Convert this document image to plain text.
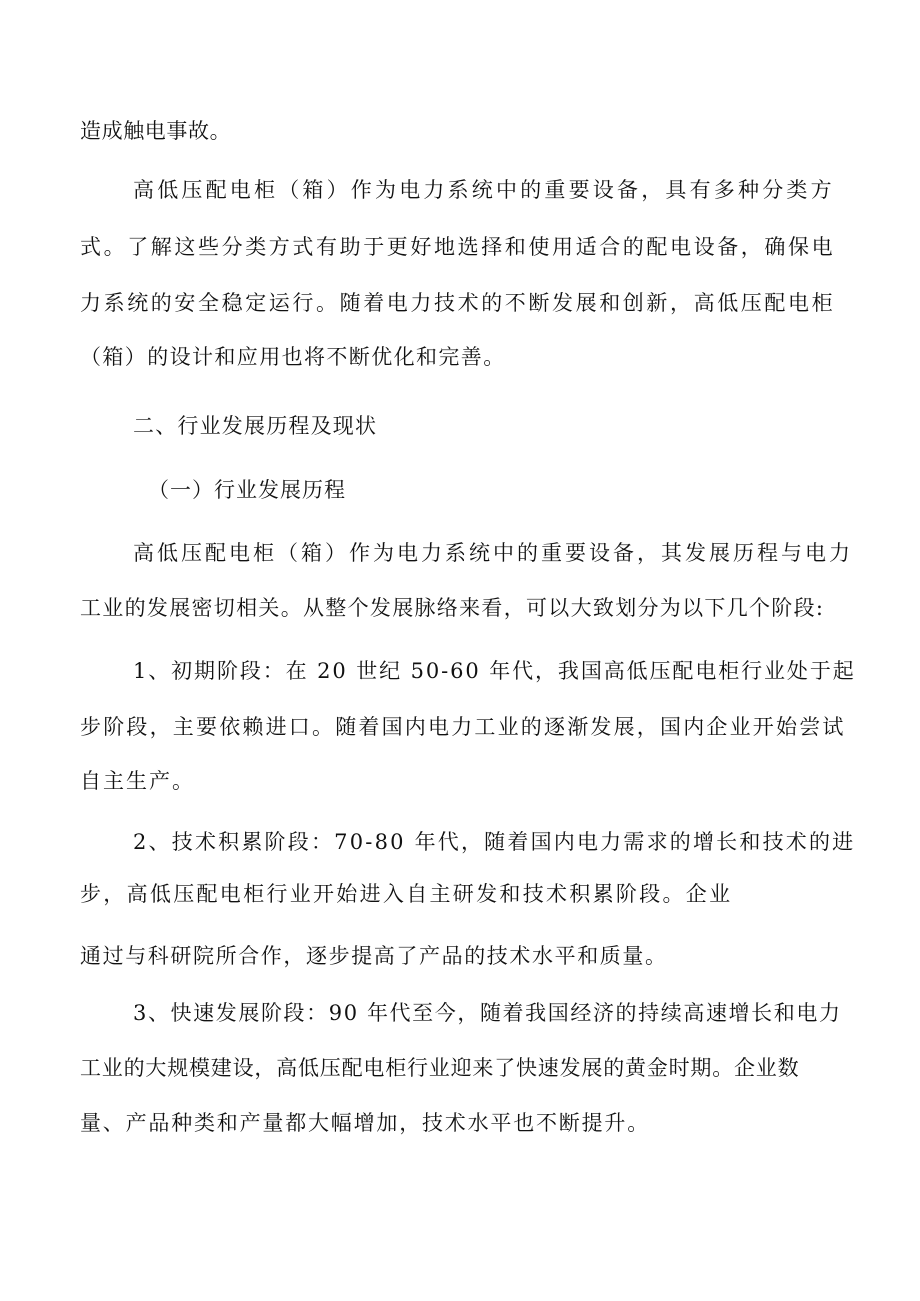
造成触电事故。
高低压配电柜（箱）作为电力系统中的重要设备，具有多种分类方
式。了解这些分类方式有助于更好地选择和使用适合的配电设备，确保电
力系统的安全稳定运行。随着电力技术的不断发展和创新，高低压配电柜
（箱）的设计和应用也将不断优化和完善。
二、行业发展历程及现状
（一）行业发展历程
高低压配电柜（箱）作为电力系统中的重要设备，其发展历程与电力
工业的发展密切相关。从整个发展脉络来看，可以大致划分为以下几个阶段:
1、初期阶段：在 20 世纪 50-60 年代，我国高低压配电柜行业处于起
步阶段，主要依赖进口。随着国内电力工业的逐渐发展，国内企业开始尝试
自主生产。
2、技术积累阶段：70-80 年代，随着国内电力需求的增长和技术的进
步，高低压配电柜行业开始进入自主研发和技术积累阶段。企业
通过与科研院所合作，逐步提高了产品的技术水平和质量。
3、快速发展阶段：90 年代至今，随着我国经济的持续高速增长和电力
工业的大规模建设，高低压配电柜行业迎来了快速发展的黄金时期。企业数
量、产品种类和产量都大幅增加，技术水平也不断提升。
